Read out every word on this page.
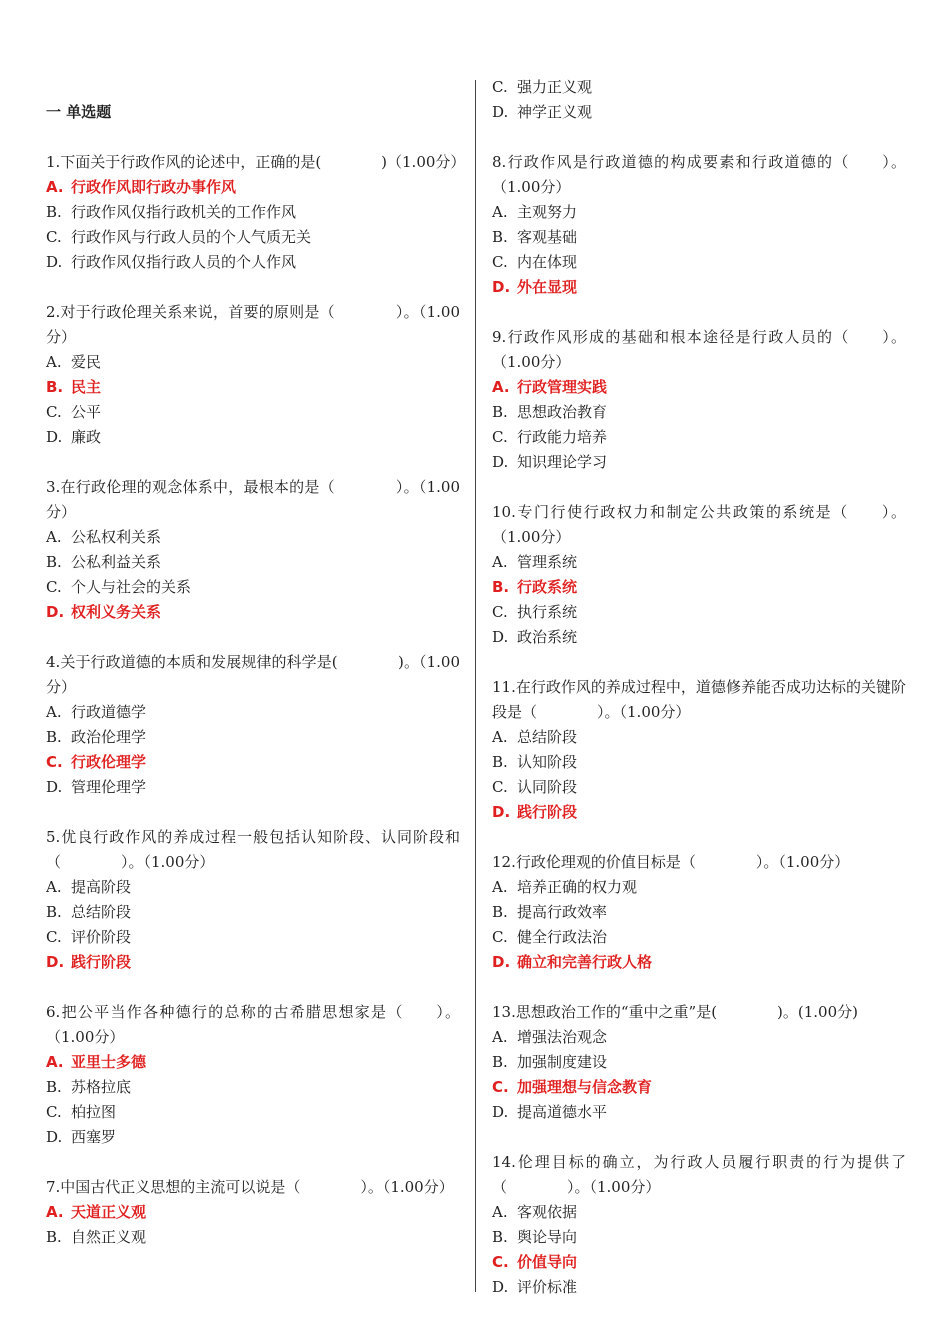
一 单选题
1.下面关于行政作风的论述中，正确的是(　　　　)（1.00分）
A. 行政作风即行政办事作风
B. 行政作风仅指行政机关的工作作风
C. 行政作风与行政人员的个人气质无关
D. 行政作风仅指行政人员的个人作风
2.对于行政伦理关系来说，首要的原则是（　　　　）。（1.00分）
A. 爱民
B. 民主
C. 公平
D. 廉政
3.在行政伦理的观念体系中，最根本的是（　　　　）。（1.00分）
A. 公私权利关系
B. 公私利益关系
C. 个人与社会的关系
D. 权利义务关系
4.关于行政道德的本质和发展规律的科学是(　　　　)。（1.00分）
A. 行政道德学
B. 政治伦理学
C. 行政伦理学
D. 管理伦理学
5.优良行政作风的养成过程一般包括认知阶段、认同阶段和（　　　　）。（1.00分）
A. 提高阶段
B. 总结阶段
C. 评价阶段
D. 践行阶段
6.把公平当作各种德行的总称的古希腊思想家是（　　）。（1.00分）
A. 亚里士多德
B. 苏格拉底
C. 柏拉图
D. 西塞罗
7.中国古代正义思想的主流可以说是（　　　　）。（1.00分）
A. 天道正义观
B. 自然正义观
C. 强力正义观
D. 神学正义观
8.行政作风是行政道德的构成要素和行政道德的（　　）。（1.00分）
A. 主观努力
B. 客观基础
C. 内在体现
D. 外在显现
9.行政作风形成的基础和根本途径是行政人员的（　　）。（1.00分）
A. 行政管理实践
B. 思想政治教育
C. 行政能力培养
D. 知识理论学习
10.专门行使行政权力和制定公共政策的系统是（　　）。（1.00分）
A. 管理系统
B. 行政系统
C. 执行系统
D. 政治系统
11.在行政作风的养成过程中，道德修养能否成功达标的关键阶段是（　　　　）。（1.00分）
A. 总结阶段
B. 认知阶段
C. 认同阶段
D. 践行阶段
12.行政伦理观的价值目标是（　　　　）。（1.00分）
A. 培养正确的权力观
B. 提高行政效率
C. 健全行政法治
D. 确立和完善行政人格
13.思想政治工作的“重中之重”是(　　　　)。(1.00分)
A. 增强法治观念
B. 加强制度建设
C. 加强理想与信念教育
D. 提高道德水平
14.伦理目标的确立，为行政人员履行职责的行为提供了（　　　　）。（1.00分）
A. 客观依据
B. 舆论导向
C. 价值导向
D. 评价标准
